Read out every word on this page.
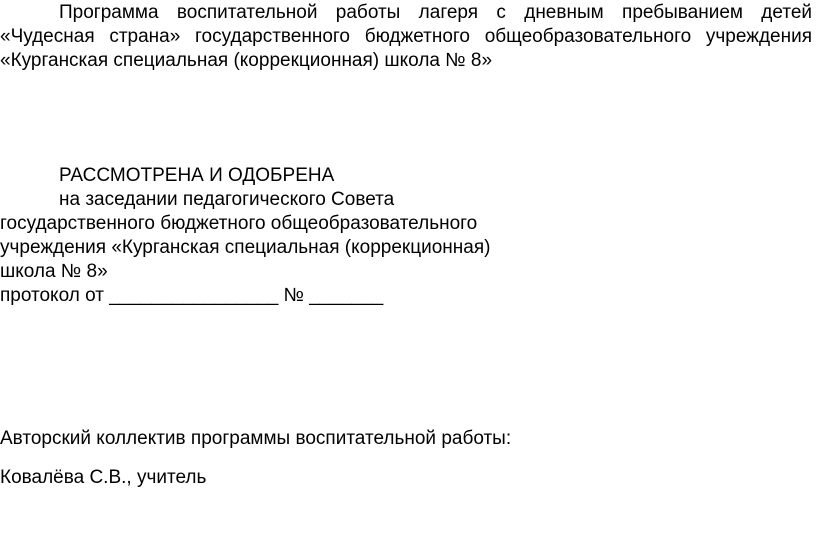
Программа воспитательной работы лагеря с дневным пребыванием детей «Чудесная страна» государственного бюджетного общеобразовательного учреждения «Курганская специальная (коррекционная) школа № 8»

РАССМОТРЕНА И ОДОБРЕНА

на заседании педагогического Совета

государственного бюджетного общеобразовательного

учреждения «Курганская специальная (коррекционная)

школа № 8»

протокол от ________________ № _______

Авторский коллектив программы воспитательной работы:

Ковалёва С.В., учитель
